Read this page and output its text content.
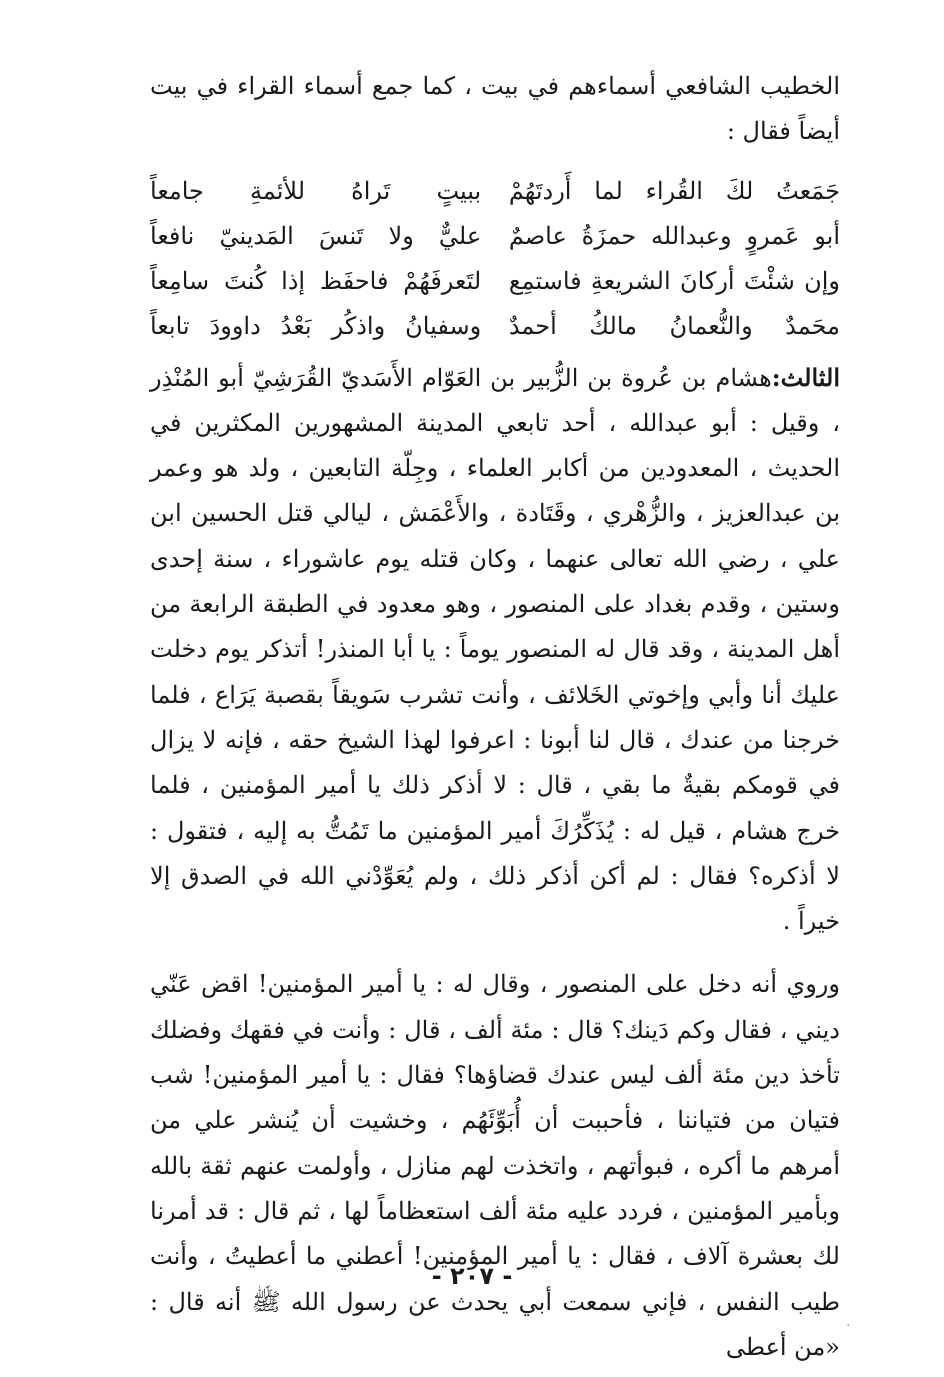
الخطيب الشافعي أسماءهم في بيت ، كما جمع أسماء القراء في بيت أيضاً فقال :

جَمَعتُ لكَ القُراء لما أَردتَهُمْ
ببيتٍ تَراهُ للأئمةِ جامعاً
أبو عَمروٍ وعبدالله حمزَةُ عاصمٌ
عليٌّ ولا تَنسَ المَدينيّ نافعاً
وإن شئْتَ أركانَ الشريعةِ فاستمِع
لتَعرفَهُمْ فاحفَظ إذا كُنتَ سامِعاً
محَمدٌ والنُّعمانُ مالكُ أحمدٌ
وسفيانُ واذكُر بَعْدُ داوودَ تابعاً

الثالث:هشام بن عُروة بن الزُّبير بن العَوّام الأَسَديّ القُرَشِيّ أبو المُنْذِر ، وقيل : أبو عبدالله ، أحد تابعي المدينة المشهورين المكثرين في الحديث ، المعدودين من أكابر العلماء ، وجِلّة التابعين ، ولد هو وعمر بن عبدالعزيز ، والزُّهْري ، وقَتَادة ، والأَعْمَش ، ليالي قتل الحسين ابن علي ، رضي الله تعالى عنهما ، وكان قتله يوم عاشوراء ، سنة إحدى وستين ، وقدم بغداد على المنصور ، وهو معدود في الطبقة الرابعة من أهل المدينة ، وقد قال له المنصور يوماً : يا أبا المنذر! أتذكر يوم دخلت عليك أنا وأبي وإخوتي الخَلائف ، وأنت تشرب سَويقاً بقصبة يَرَاع ، فلما خرجنا من عندك ، قال لنا أبونا : اعرفوا لهذا الشيخ حقه ، فإنه لا يزال في قومكم بقيةٌ ما بقي ، قال : لا أذكر ذلك يا أمير المؤمنين ، فلما خرج هشام ، قيل له : يُذَكِّرُكَ أمير المؤمنين ما تَمُتُّ به إليه ، فتقول : لا أذكره؟ فقال : لم أكن أذكر ذلك ، ولم يُعَوِّدْني الله في الصدق إلا خيراً .

وروي أنه دخل على المنصور ، وقال له : يا أمير المؤمنين! اقض عَنّي ديني ، فقال وكم دَينك؟ قال : مئة ألف ، قال : وأنت في فقهك وفضلك تأخذ دين مئة ألف ليس عندك قضاؤها؟ فقال : يا أمير المؤمنين! شب فتيان من فتياننا ، فأحببت أن أُبَوِّئَهُم ، وخشيت أن يُنشر علي من أمرهم ما أكره ، فبوأتهم ، واتخذت لهم منازل ، وأولمت عنهم ثقة بالله وبأمير المؤمنين ، فردد عليه مئة ألف استعظاماً لها ، ثم قال : قد أمرنا لك بعشرة آلاف ، فقال : يا أمير المؤمنين! أعطني ما أعطيتُ ، وأنت طيب النفس ، فإني سمعت أبي يحدث عن رسول الله ﷺ أنه قال : «من أعطى

- ٢٠٧ -
·
